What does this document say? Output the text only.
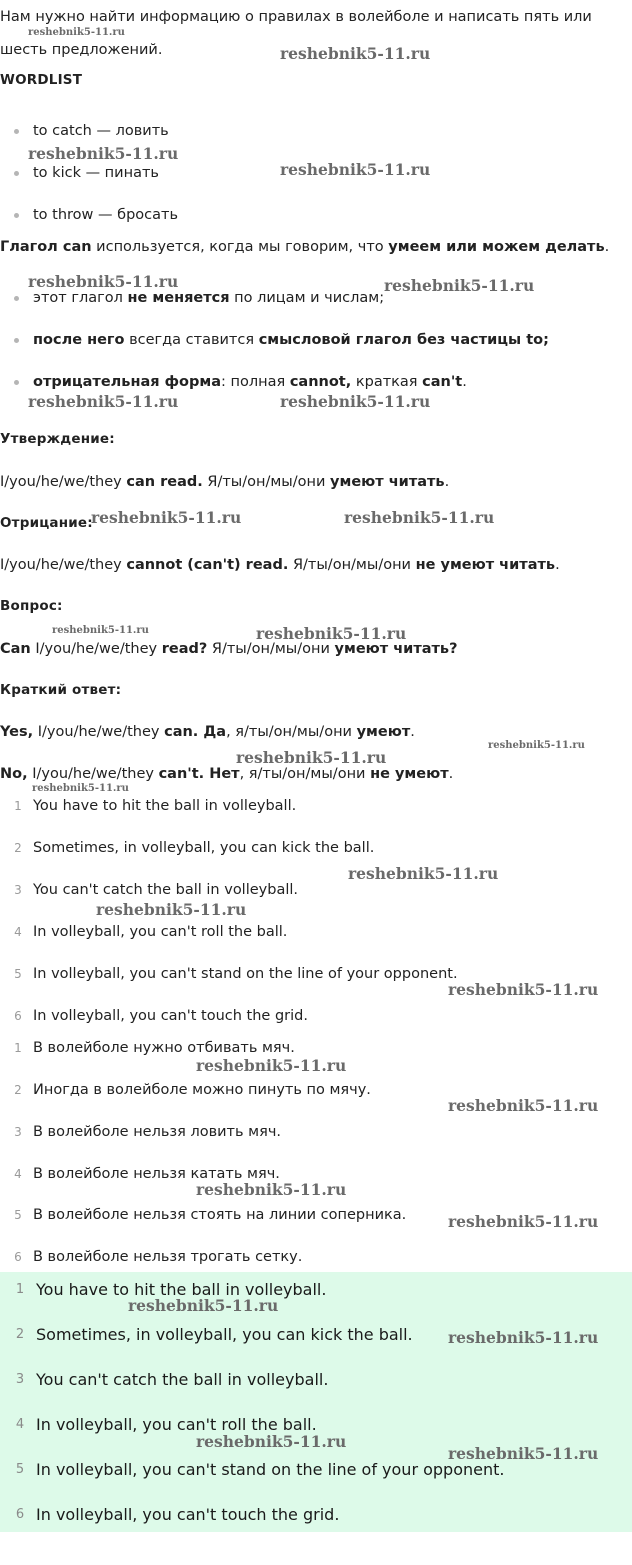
Нам нужно найти информацию о правилах в волейболе и написать пять или
шесть предложений.
WORDLIST
to catch — ловить
to kick — пинать
to throw — бросать
Глагол can используется, когда мы говорим, что умеем или можем делать.
этот глагол не меняется по лицам и числам;
после него всегда ставится смысловой глагол без частицы to;
отрицательная форма: полная cannot, краткая can't.
Утверждение:
I/you/he/we/they can read. Я/ты/он/мы/они умеют читать.
Отрицание:
I/you/he/we/they cannot (can't) read. Я/ты/он/мы/они не умеют читать.
Вопрос:
Can I/you/he/we/they read? Я/ты/он/мы/они умеют читать?
Краткий ответ:
Yes, I/you/he/we/they can. Да, я/ты/он/мы/они умеют.
No, I/you/he/we/they can't. Нет, я/ты/он/мы/они не умеют.
1 You have to hit the ball in volleyball.
2 Sometimes, in volleyball, you can kick the ball.
3 You can't catch the ball in volleyball.
4 In volleyball, you can't roll the ball.
5 In volleyball, you can't stand on the line of your opponent.
6 In volleyball, you can't touch the grid.
1 В волейболе нужно отбивать мяч.
2 Иногда в волейболе можно пинуть по мячу.
3 В волейболе нельзя ловить мяч.
4 В волейболе нельзя катать мяч.
5 В волейболе нельзя стоять на линии соперника.
6 В волейболе нельзя трогать сетку.
1 You have to hit the ball in volleyball.
2 Sometimes, in volleyball, you can kick the ball.
3 You can't catch the ball in volleyball.
4 In volleyball, you can't roll the ball.
5 In volleyball, you can't stand on the line of your opponent.
6 In volleyball, you can't touch the grid.
reshebnik5-11.ru
reshebnik5-11.ru
reshebnik5-11.ru
reshebnik5-11.ru
reshebnik5-11.ru	reshebnik5-11.ru
reshebnik5-11.ru	reshebnik5-11.ru
reshebnik5-11.ru	reshebnik5-11.ru
reshebnik5-11.ru	reshebnik5-11.ru
reshebnik5-11.ru
reshebnik5-11.ru
reshebnik5-11.ru
reshebnik5-11.ru
reshebnik5-11.ru
reshebnik5-11.ru
reshebnik5-11.ru
reshebnik5-11.ru
reshebnik5-11.ru
reshebnik5-11.ru
reshebnik5-11.ru
reshebnik5-11.ru
reshebnik5-11.ru
reshebnik5-11.ru
